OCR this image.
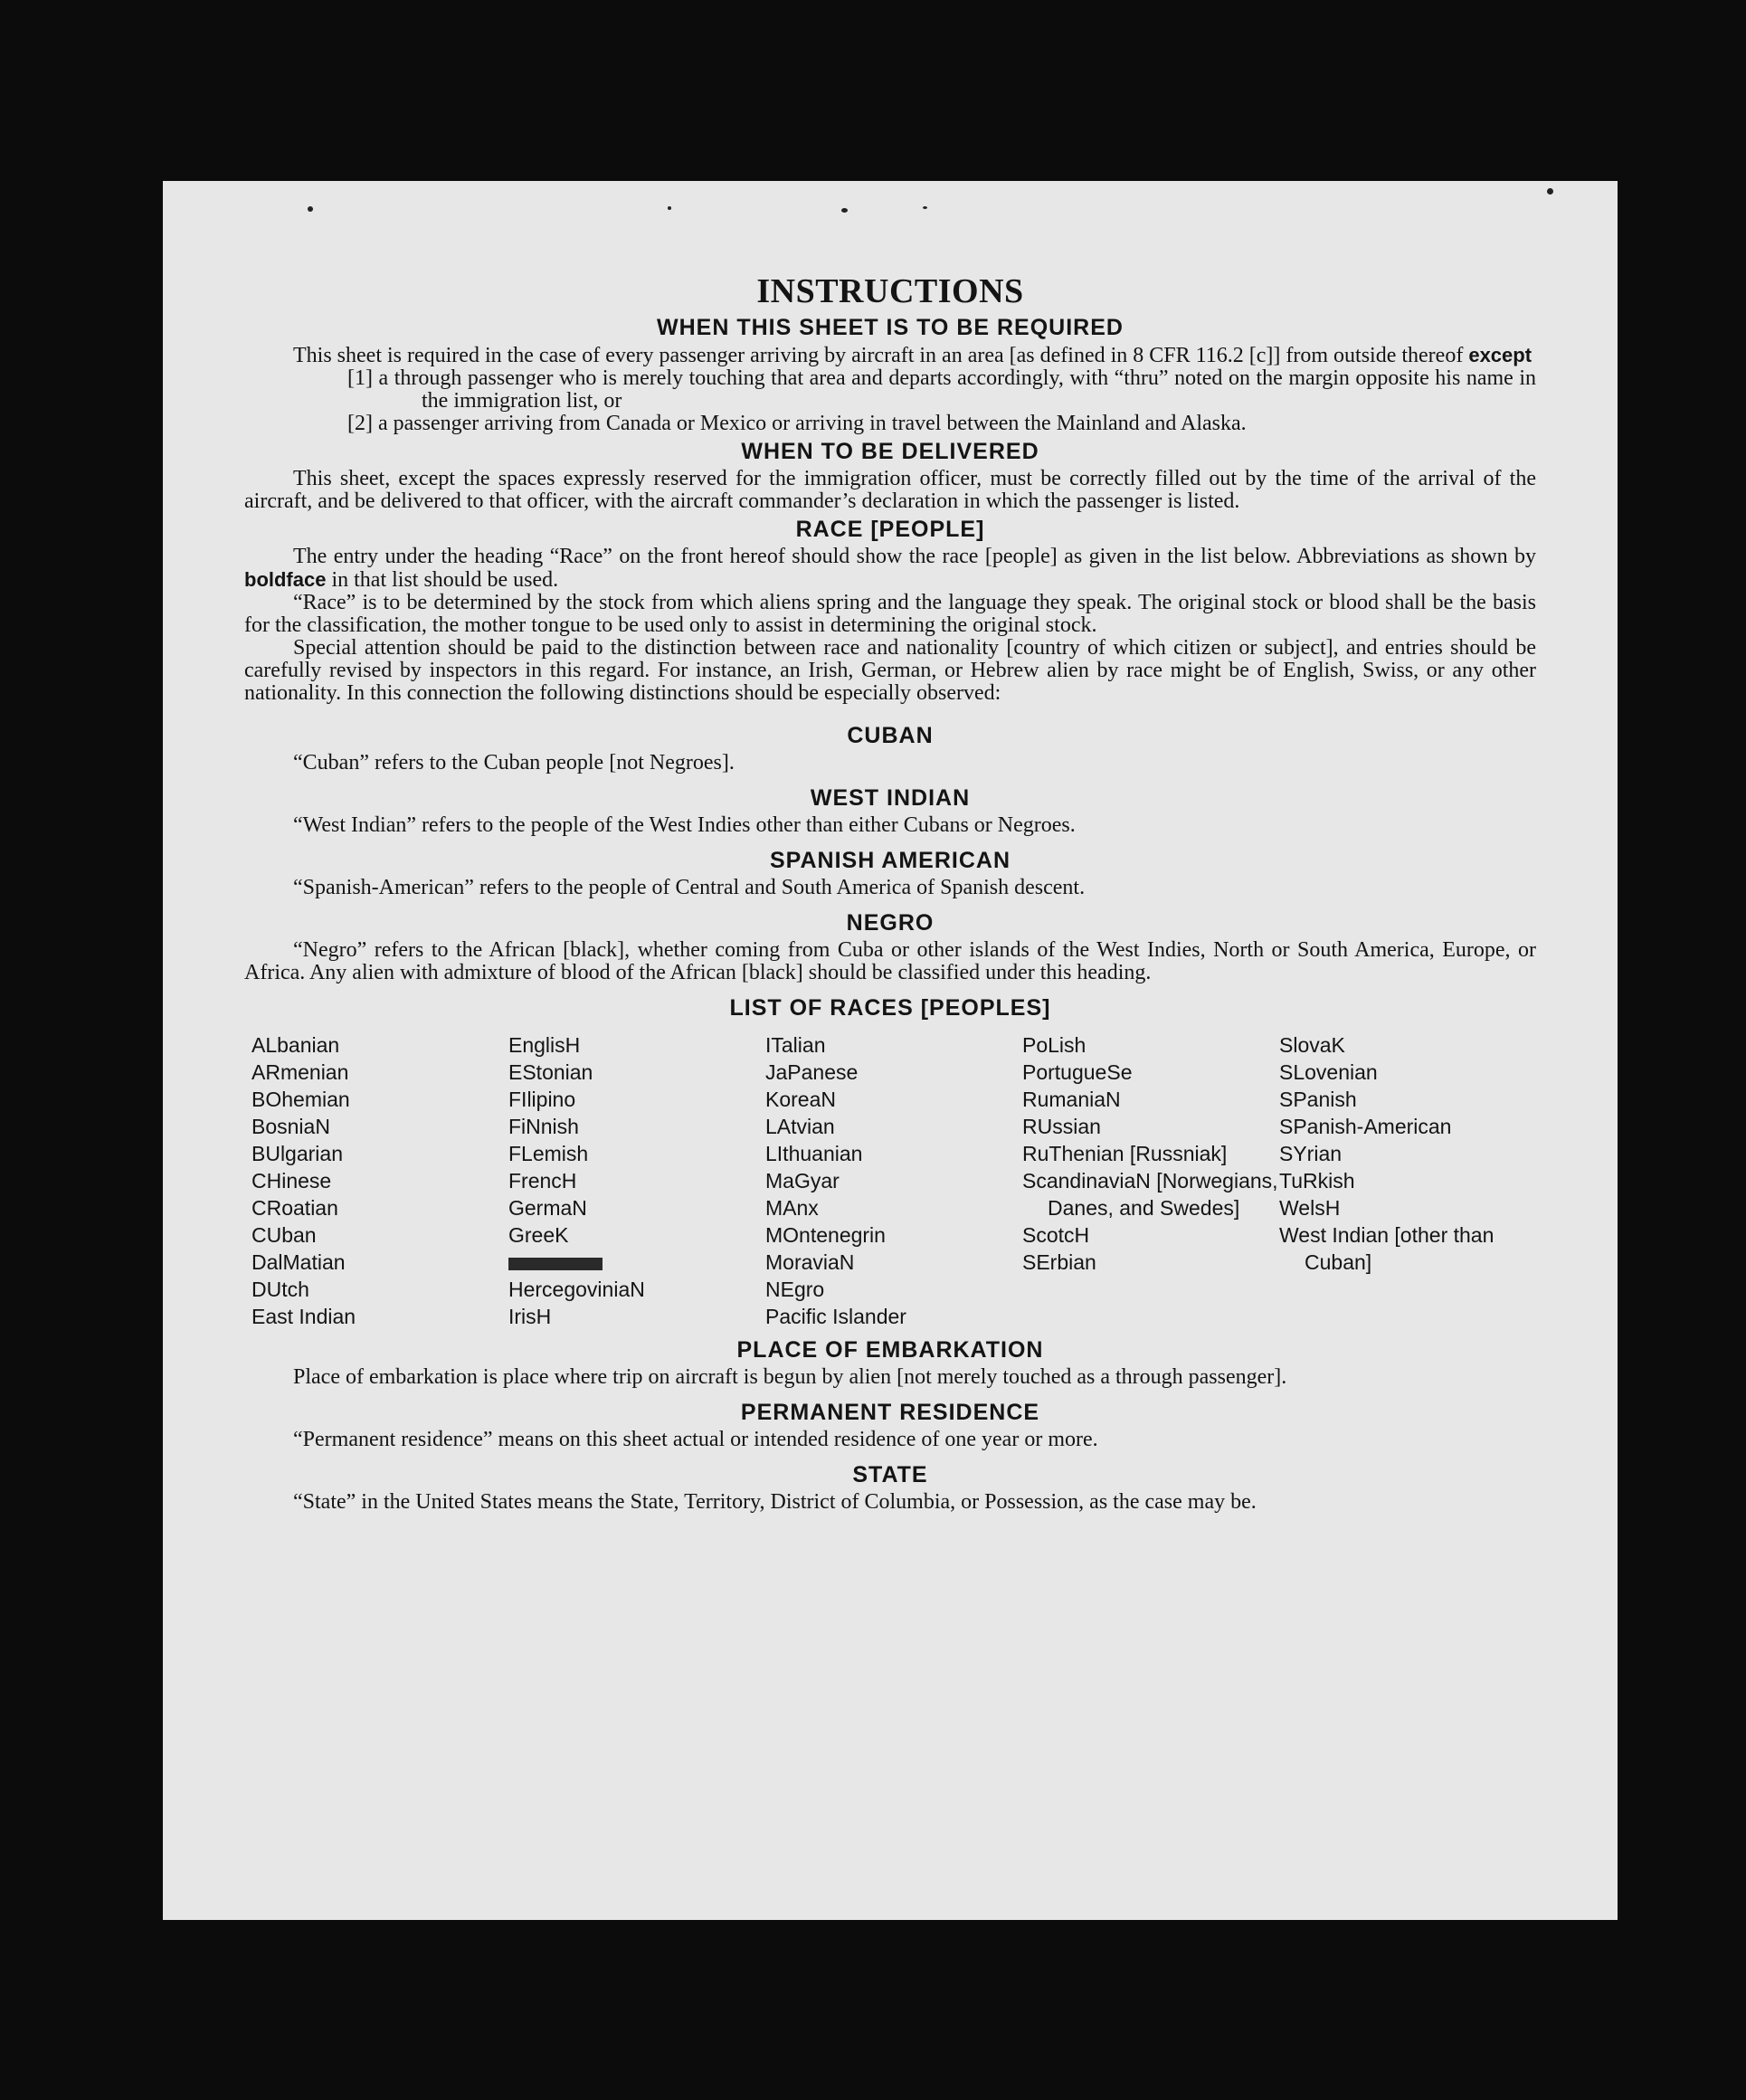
INSTRUCTIONS
WHEN THIS SHEET IS TO BE REQUIRED

This sheet is required in the case of every passenger arriving by aircraft in an area [as defined in 8 CFR 116.2 [c]] from outside thereof except

[1] a through passenger who is merely touching that area and departs accordingly, with “thru” noted on the margin opposite his name in the immigration list, or

[2] a passenger arriving from Canada or Mexico or arriving in travel between the Mainland and Alaska.

WHEN TO BE DELIVERED

This sheet, except the spaces expressly reserved for the immigration officer, must be correctly filled out by the time of the arrival of the aircraft, and be delivered to that officer, with the aircraft commander’s declaration in which the passenger is listed.

RACE [PEOPLE]

The entry under the heading “Race” on the front hereof should show the race [people] as given in the list below. Abbreviations as shown by boldface in that list should be used.

“Race” is to be determined by the stock from which aliens spring and the language they speak. The original stock or blood shall be the basis for the classification, the mother tongue to be used only to assist in determining the original stock.

Special attention should be paid to the distinction between race and nationality [country of which citizen or subject], and entries should be carefully revised by inspectors in this regard. For instance, an Irish, German, or Hebrew alien by race might be of English, Swiss, or any other nationality. In this connection the following distinctions should be especially observed:

CUBAN

“Cuban” refers to the Cuban people [not Negroes].

WEST INDIAN

“West Indian” refers to the people of the West Indies other than either Cubans or Negroes.

SPANISH AMERICAN

“Spanish-American” refers to the people of Central and South America of Spanish descent.

NEGRO

“Negro” refers to the African [black], whether coming from Cuba or other islands of the West Indies, North or South America, Europe, or Africa. Any alien with admixture of blood of the African [black] should be classified under this heading.

LIST OF RACES [PEOPLES]
ALbanian
ARmenian
BOhemian
BosniaN
BUlgarian
CHinese
CRoatian
CUban
DalMatian
DUtch
East Indian
EnglisH
EStonian
FIlipino
FiNnish
FLemish
FrencH
GermaN
GreeK
HercegoviniaN
IrisH
ITalian
JaPanese
KoreaN
LAtvian
LIthuanian
MaGyar
MAnx
MOntenegrin
MoraviaN
NEgro
Pacific Islander
PoLish
PortugueSe
RumaniaN
RUssian
RuThenian [Russniak]
ScandinaviaN [Norwegians, Danes, and Swedes]
ScotcH
SErbian
SlovaK
SLovenian
SPanish
SPanish-American
SYrian
TuRkish
WelsH
West Indian [other than Cuban]
PLACE OF EMBARKATION

Place of embarkation is place where trip on aircraft is begun by alien [not merely touched as a through passenger].

PERMANENT RESIDENCE

“Permanent residence” means on this sheet actual or intended residence of one year or more.

STATE

“State” in the United States means the State, Territory, District of Columbia, or Possession, as the case may be.
